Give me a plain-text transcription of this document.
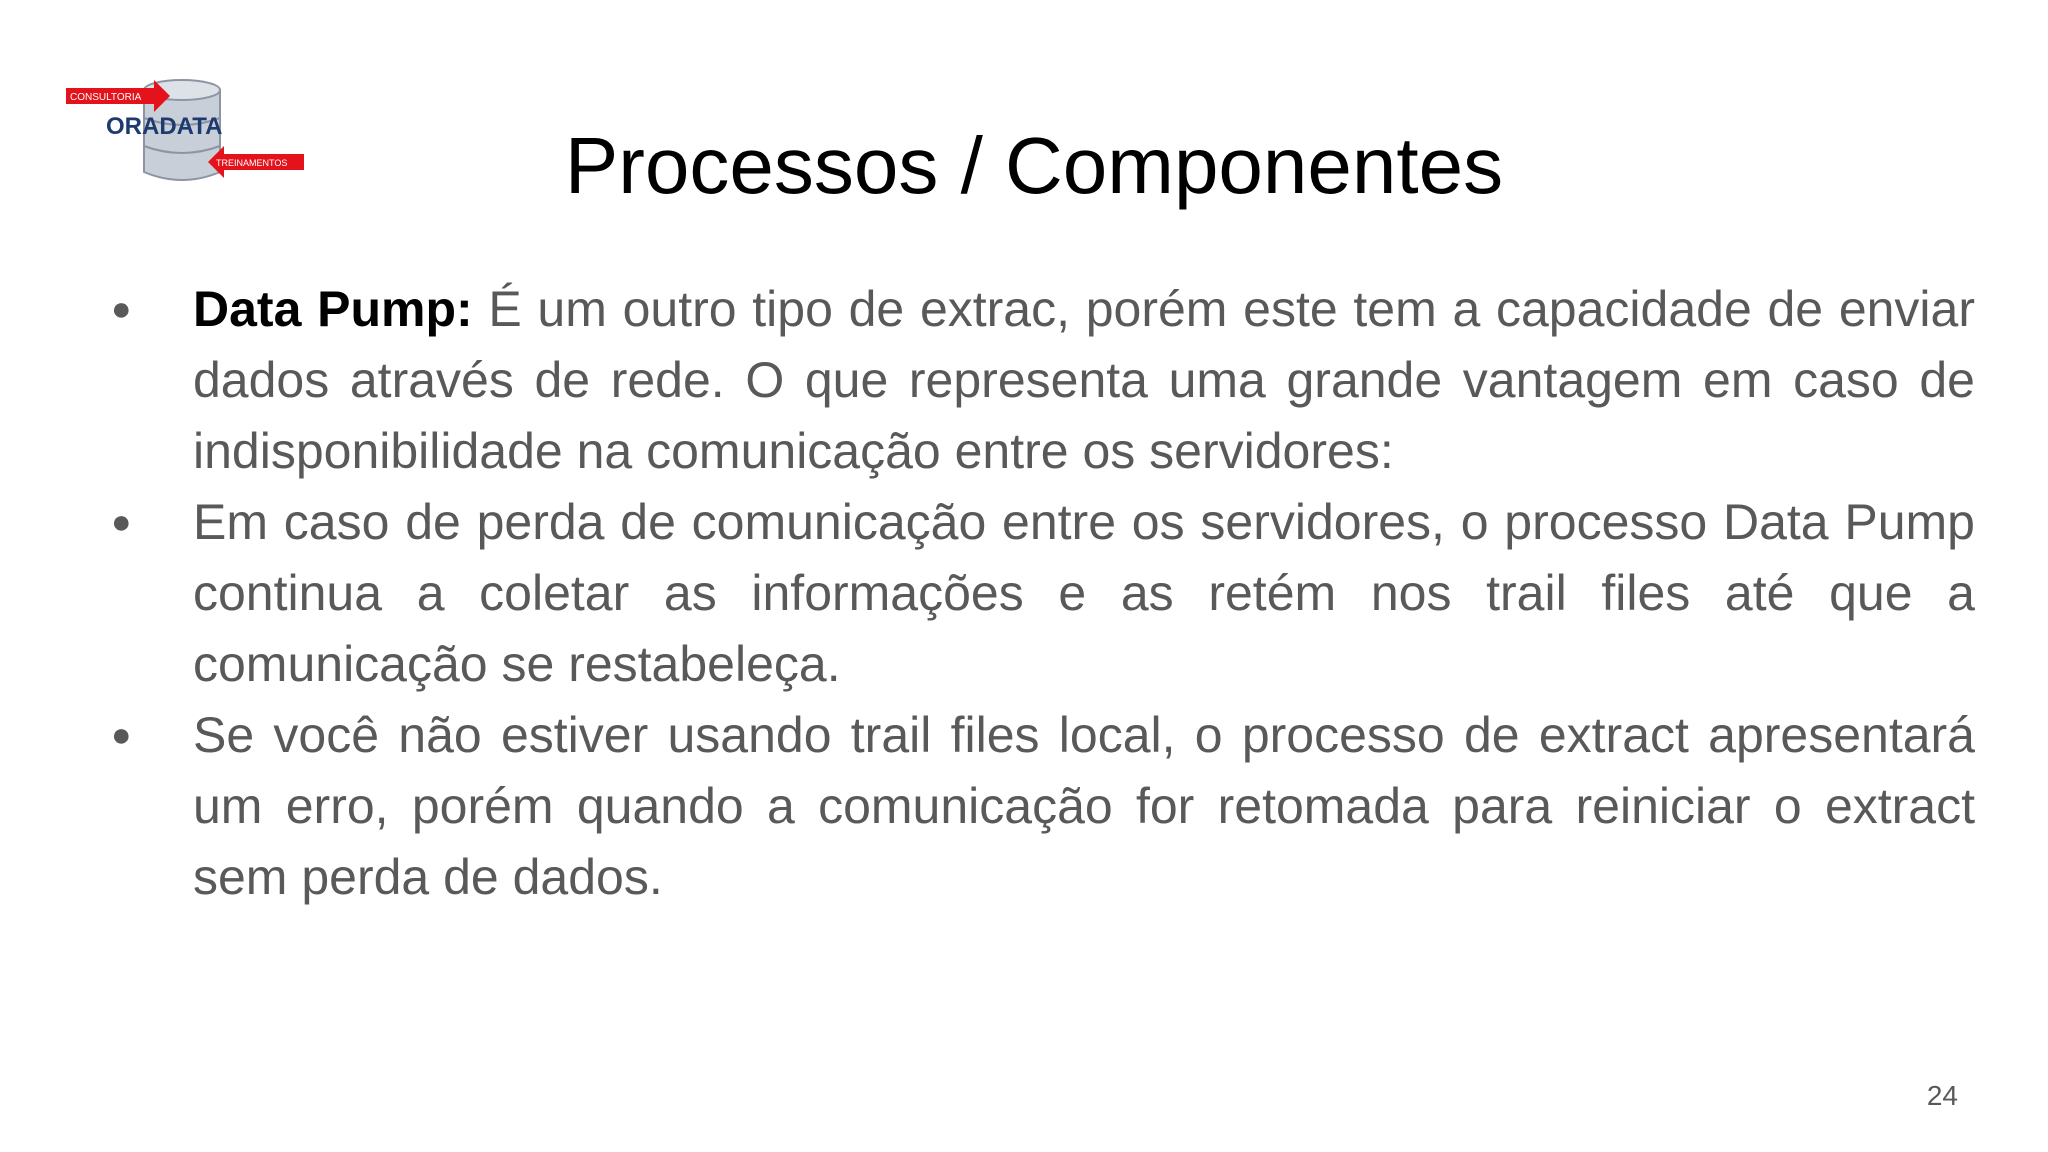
CONSULTORIA
ORADATA
TREINAMENTOS	Processos / Componentes
● Data Pump: É um outro tipo de extrac, porém este tem a capacidade de enviar dados através de rede. O que representa uma grande vantagem em caso de indisponibilidade na comunicação entre os servidores:
● Em caso de perda de comunicação entre os servidores, o processo Data Pump continua a coletar as informações e as retém nos trail files até que a comunicação se restabeleça.
● Se você não estiver usando trail files local, o processo de extract apresentará um erro, porém quando a comunicação for retomada para reiniciar o extract sem perda de dados.
24
